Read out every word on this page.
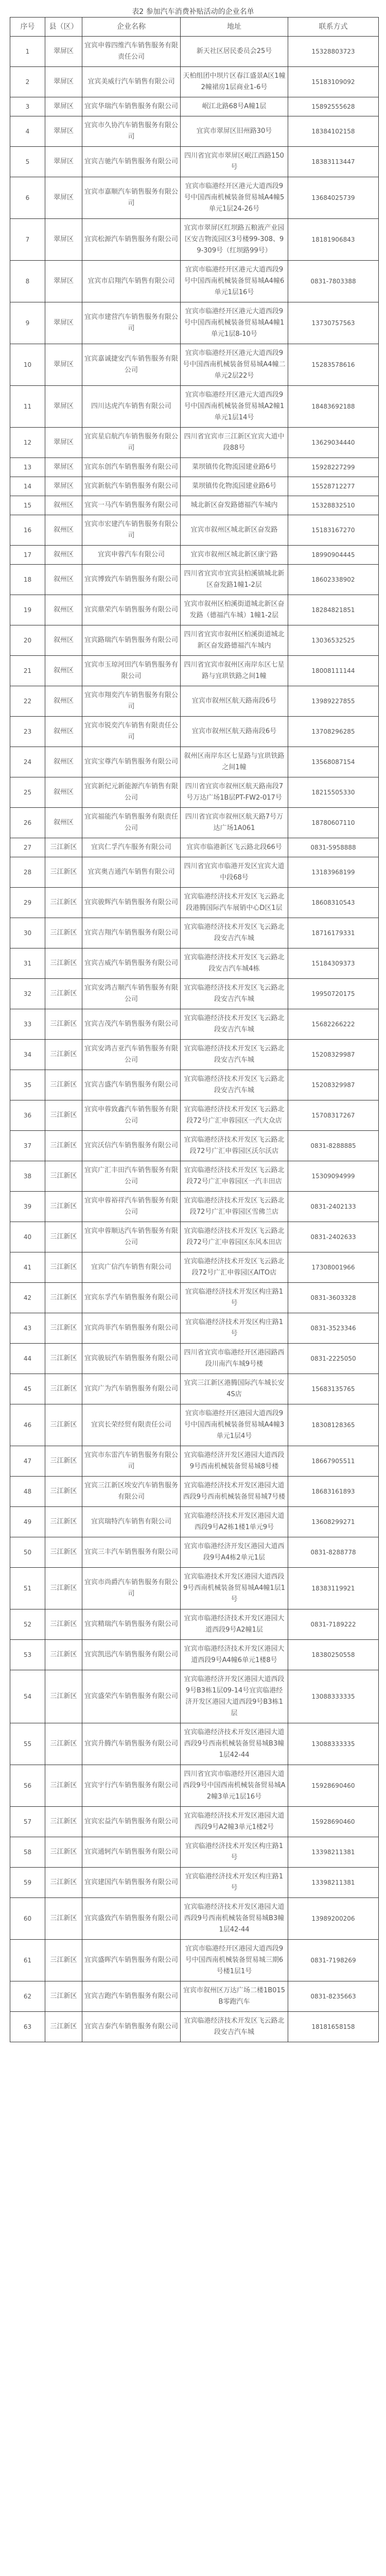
表2 参加汽车消费补贴活动的企业名单
序号	县（区）	企业名称	地址	联系方式
1	翠屏区	宜宾申蓉四维汽车销售服务有限责任公司	新天社区居民委员会25号	15328803723
2	翠屏区	宜宾美威行汽车销售有限公司	天柏组团中坝片区春江盛景A区1幢2幢裙房1层商业1-6号	15183109092
3	翠屏区	宜宾华瑞汽车销售服务有限公司	岷江北路68号A幢1层	15892555628
4	翠屏区	宜宾市久协汽车销售服务有限公司	宜宾市翠屏区旧州路30号	18384102158
5	翠屏区	宜宾吉驰汽车销售服务有限公司	四川省宜宾市翠屏区岷江西路150号	18383113447
6	翠屏区	宜宾市嘉顺汽车销售服务有限公司	宜宾市临港经开区港元大道西段9号中国西南机械装备贸易城A4幢5单元1层24-26号	13684025739
7	翠屏区	宜宾松源汽车销售服务有限公司	宜宾市翠屏区红坝路五粮液产业园区安吉物流园区3号楼99-308、99-309号（红坝路99号）	18181906843
8	翠屏区	宜宾市启翔汽车销售有限公司	宜宾市临港经开区港元大道西段9号中国西南机械装备贸易城A4幢6单元1层16号	0831-7803388
9	翠屏区	宜宾市建营汽车销售服务有限公司	宜宾市临港经开区港元大道西段9号中国西南机械装备贸易城A4幢1单元1层8-10号	13730757563
10	翠屏区	宜宾嘉诚捷安汽车销售服务有限公司	宜宾市临港经开区港元大道西段9号中国西南机械装备贸易城A4幢二单元2层22号	15283578616
11	翠屏区	四川达虎汽车销售有限公司	宜宾市临港经开区港元大道西段9号中国西南机械装备贸易城A2幢1单元1层14号	18483692188
12	翠屏区	宜宾星启航汽车销售服务有限公司	四川省宜宾市三江新区宜宾大道中段88号	13629034440
13	翠屏区	宜宾东创汽车销售服务有限公司	菜坝镇传化物流园建业路6号	15928227299
14	翠屏区	宜宾新航汽车销售服务有限公司	菜坝镇传化物流园建业路6号	15528712277
15	叙州区	宜宾一马汽车销售服务有限公司	城北新区奋发路德福汽车城内	15328832510
16	叙州区	宜宾市宏建汽车销售服务有限公司	宜宾市叙州区城北新区奋发路	15183167270
17	叙州区	宜宾申蓉汽车有限公司	宜宾市叙州区城北新区康宁路	18990904445
18	叙州区	宜宾博致汽车销售服务有限公司	四川省宜宾市宜宾县柏溪镇城北新区奋发路1幢1-2层	18602338902
19	叙州区	宜宾鼎荣汽车销售服务有限公司	宜宾市叙州区柏溪街道城北新区奋发路（德福汽车城）1幢1-2层	18284821851
20	叙州区	宜宾路瑞汽车销售服务有限公司	四川省宜宾市叙州区柏溪街道城北新区奋发路德福汽车城内	13036532525
21	叙州区	宜宾市玉琼河田汽车销售服务有限公司	四川省宜宾市叙州区南岸东区七星路与宜珙铁路之间1幢	18008111144
22	叙州区	宜宾市翔奕汽车销售服务有限公司	宜宾市叙州区航天路南段6号	13989227855
23	叙州区	宜宾市锐奕汽车销售有限责任公司	宜宾市叙州区航天路南段6号	13708296285
24	叙州区	宜宾宝尊汽车销售服务有限公司	叙州区南岸东区七星路与宜珙铁路之间1幢	13568087154
25	叙州区	宜宾新纪元新能源汽车销售有限公司	四川省宜宾市叙州区航天路南段7号万达广场1B层PT-FW2-017号	18215505330
26	叙州区	宜宾福能汽车销售服务有限责任公司	四川省宜宾市叙州区航天路7号万达广场1A061	18780607110
27	三江新区	宜宾仁孚汽车服务有限公司	宜宾市临港新区飞云路北段66号	0831-5958888
28	三江新区	宜宾奥吉通汽车销售有限公司	四川省宜宾市临港开发区宜宾大道中段68号	13183968199
29	三江新区	宜宾骏辉汽车销售服务有限公司	宜宾临港经济技术开发区飞云路北段港腾国际汽车展销中心D区1层	18608310543
30	三江新区	宜宾吉翔汽车销售服务有限公司	宜宾临港经济技术开发区飞云路北段安吉汽车城	18716179331
31	三江新区	宜宾吉威汽车销售服务有限公司	宜宾临港经济技术开发区飞云路北段安吉汽车城4栋	15184309373
32	三江新区	宜宾安鸿吉顺汽车销售服务有限公司	宜宾临港经济技术开发区飞云路北段安吉汽车城	19950720175
33	三江新区	宜宾吉茂汽车销售服务有限公司	宜宾临港经济技术开发区飞云路北段安吉汽车城	15682266222
34	三江新区	宜宾安鸿吉亚汽车销售服务有限公司	宜宾临港经济技术开发区飞云路北段安吉汽车城	15208329987
35	三江新区	宜宾吉盛汽车销售服务有限公司	宜宾临港经济技术开发区飞云路北段安吉汽车城	15208329987
36	三江新区	宜宾申蓉致鑫汽车销售服务有限公司	宜宾临港经济技术开发区飞云路北段72号广汇申蓉园区一汽大众店	15708317267
37	三江新区	宜宾沃信汽车销售服务有限公司	宜宾临港经济技术开发区飞云路北段72号广汇申蓉园区沃尔沃店	0831-8288885
38	三江新区	宜宾广汇丰田汽车销售服务有限公司	宜宾临港经济技术开发区飞云路北段72号广汇申蓉园区一汽丰田店	15309094999
39	三江新区	宜宾申蓉裕祥汽车销售服务有限公司	宜宾临港经济技术开发区飞云路北段72号广汇申蓉园区雪佛兰店	0831-2402133
40	三江新区	宜宾申蓉顺达汽车销售服务有限公司	宜宾临港经济技术开发区飞云路北段72号广汇申蓉园区东风本田店	0831-2402633
41	三江新区	宜宾广信汽车销售有限公司	宜宾临港经济技术开发区飞云路北段72号广汇申蓉园区AITO店	17308001966
42	三江新区	宜宾东孚汽车销售服务有限公司	宜宾临港经济技术开发区构庄路1号	0831-3603328
43	三江新区	宜宾尚菲汽车销售服务有限公司	宜宾临港经济技术开发区构庄路1号	0831-3523346
44	三江新区	宜宾骏辰汽车销售服务有限公司	四川省宜宾市临港经开区港园路西段川南汽车城9号楼	0831-2225050
45	三江新区	宜宾广为汽车销售服务有限公司	宜宾三江新区港腾国际汽车城长安4S店	15683135765
46	三江新区	宜宾长荣经贸有限责任公司	宜宾市临港经开区港园大道西段9号中国西南机械装备贸易城A4幢3单元1层4号	18308128365
47	三江新区	宜宾市东雷汽车销售服务有限公司	宜宾临港经济开发区港园大道西段9号西南机械装备贸易城8号楼	18667905511
48	三江新区	宜宾三江新区埃安汽车销售服务有限公司	宜宾临港经济技术开发区港园大道西段9号西南机械装备贸易城7号楼	18683161893
49	三江新区	宜宾瑞特汽车销售有限公司	宜宾临港经济技术开发区港园大道西段9号A2栋1楼1单元9号	13608299271
50	三江新区	宜宾三丰汽车销售服务有限公司	宜宾市临港经济开发区港园大道西段9号A4栋2单元1层	0831-8288778
51	三江新区	宜宾市尚爵汽车销售服务有限公司	宜宾临港技术开发区港园大道西段9号西南机械装备贸易城A4幢1层1号	18383119921
52	三江新区	宜宾精瑞汽车销售服务有限公司	宜宾市临港经济技术开发区港园大道西段9号A2幢1层	0831-7189222
53	三江新区	宜宾凯迅汽车销售服务有限公司	宜宾市临港经济技术开发区港园大道西段9号A4幢6单元1楼8号	18380250558
54	三江新区	宜宾盛荣汽车销售服务有限公司	宜宾临港经济开发区港园大道西段9号B3栋1层09-14号宜宾临港经济开发区港园大道西段9号B3栋1层	13088333335
55	三江新区	宜宾升腾汽车销售服务有限公司	宜宾临港经济技术开发区港园大道西段9号西南机械装备贸易城B3幢1层42-44	13088333335
56	三江新区	宜宾宇行汽车销售服务有限公司	四川省宜宾市临港经开区港园大道西段9号中国西南机械装备贸易城A2幢3单元1层16号	15928690460
57	三江新区	宜宾宏益汽车销售服务有限公司	宜宾临港经济技术开发区港园大道西段9号A2幢3单元1楼2号	15928690460
58	三江新区	宜宾通轲汽车销售服务有限公司	宜宾临港经济技术开发区构庄路1号	13398211381
59	三江新区	宜宾建国汽车销售服务有限公司	宜宾临港经济技术开发区构庄路1号	13398211381
60	三江新区	宜宾盛致汽车销售服务有限公司	宜宾临港经济技术开发区港园大道西段9号西南机械装备贸易城B3幢1层42-44	13989200206
61	三江新区	宜宾盛晖汽车销售服务有限公司	宜宾市临港经开区港园大道西段9号中国西南机械装备贸易城三期6号楼1层1号	0831-7198269
62	三江新区	宜宾吉跑汽车销售服务有限公司	宜宾市叙州区万达广场二楼1B015B零跑汽车	0831-8235663
63	三江新区	宜宾吉泰汽车销售服务有限公司	宜宾临港经济技术开发区飞云路北段安吉汽车城	18181658158
